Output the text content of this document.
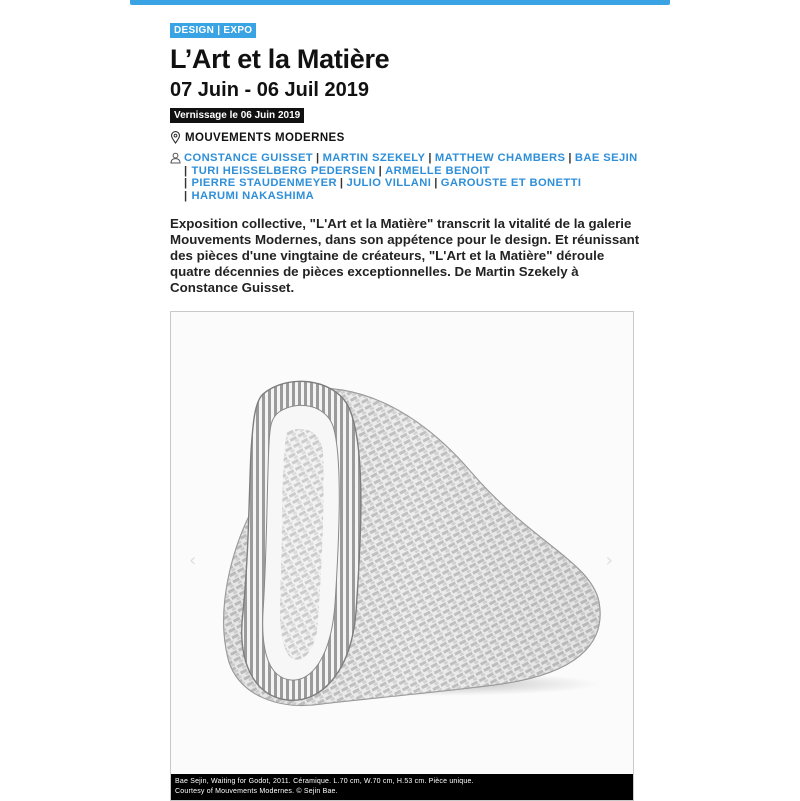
DESIGN | EXPO
L’Art et la Matière
07 Juin - 06 Juil 2019
Vernissage le 06 Juin 2019
MOUVEMENTS MODERNES
CONSTANCE GUISSET | MARTIN SZEKELY | MATTHEW CHAMBERS | BAE SEJIN
| TURI HEISSELBERG PEDERSEN | ARMELLE BENOIT
| PIERRE STAUDENMEYER | JULIO VILLANI | GAROUSTE ET BONETTI
| HARUMI NAKASHIMA
Exposition collective, "L'Art et la Matière" transcrit la vitalité de la galerie Mouvements Modernes, dans son appétence pour le design. Et réunissant des pièces d'une vingtaine de créateurs, "L'Art et la Matière" déroule quatre décennies de pièces exceptionnelles. De Martin Szekely à Constance Guisset.
‹	›
Bae Sejin, Waiting for Godot, 2011. Céramique. L.70 cm, W.70 cm, H.53 cm. Pièce unique.
Courtesy of Mouvements Modernes. © Sejin Bae.
